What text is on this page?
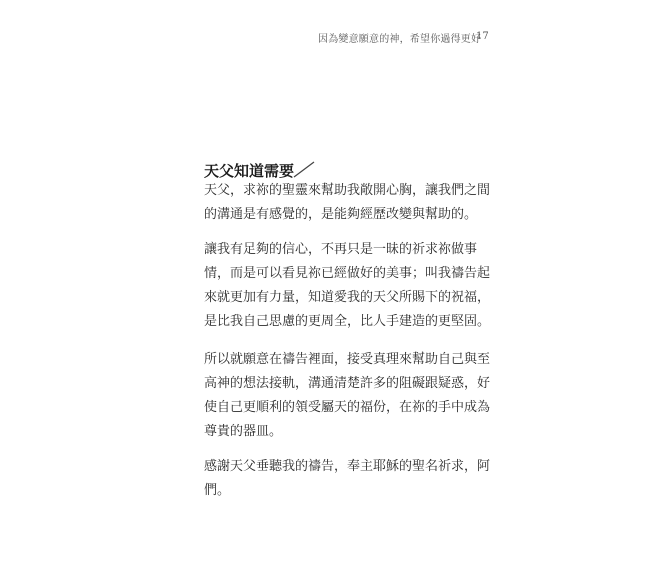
因為變意願意的神，希望你過得更好
17
天父知道需要
天父，求祢的聖靈來幫助我敞開心胸，讓我們之間
的溝通是有感覺的，是能夠經歷改變與幫助的。
讓我有足夠的信心，不再只是一昧的祈求祢做事
情，而是可以看見祢已經做好的美事；叫我禱告起
來就更加有力量，知道愛我的天父所賜下的祝福，
是比我自己思慮的更周全，比人手建造的更堅固。
所以就願意在禱告裡面，接受真理來幫助自己與至
高神的想法接軌，溝通清楚許多的阻礙跟疑惑，好
使自己更順利的領受屬天的福份，在祢的手中成為
尊貴的器皿。
感謝天父垂聽我的禱告，奉主耶穌的聖名祈求，阿
們。
